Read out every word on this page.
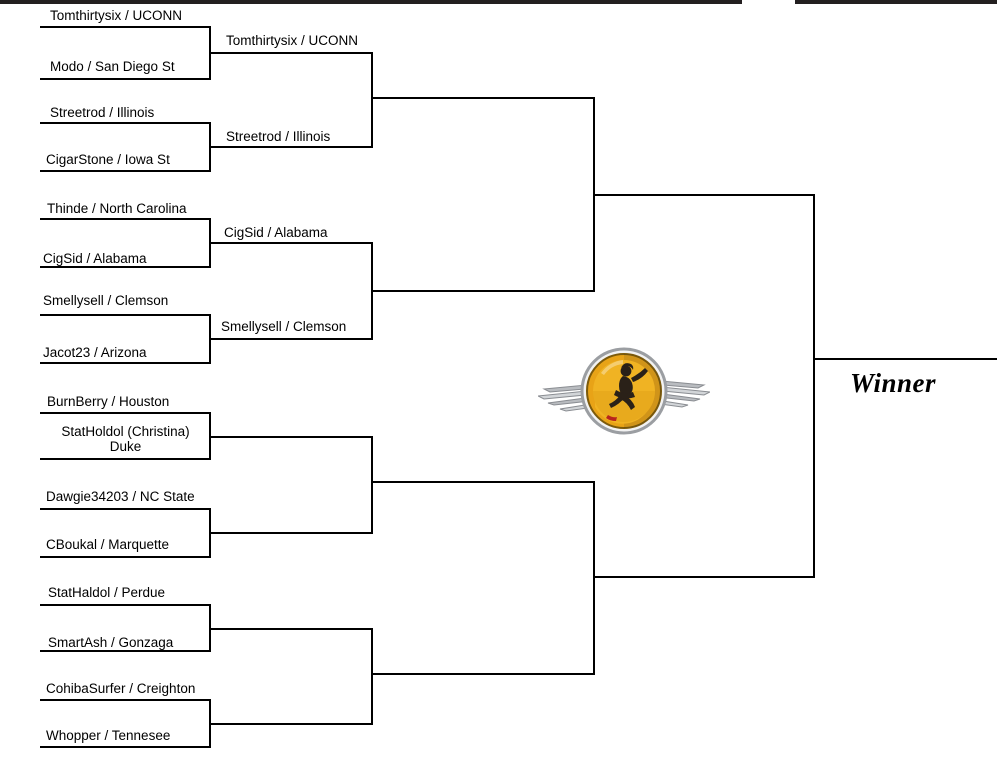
Tomthirtysix / UCONN
Modo / San Diego St
Streetrod / Illinois
CigarStone / Iowa St
Thinde / North Carolina
CigSid / Alabama
Smellysell / Clemson
Jacot23 / Arizona
BurnBerry / Houston
StatHoldol (Christina) Duke
Dawgie34203 / NC State
CBoukal / Marquette
StatHaldol / Perdue
SmartAsh / Gonzaga
CohibaSurfer / Creighton
Whopper / Tennesee
Tomthirtysix / UCONN
Streetrod / Illinois
CigSid / Alabama
Smellysell / Clemson
Winner
